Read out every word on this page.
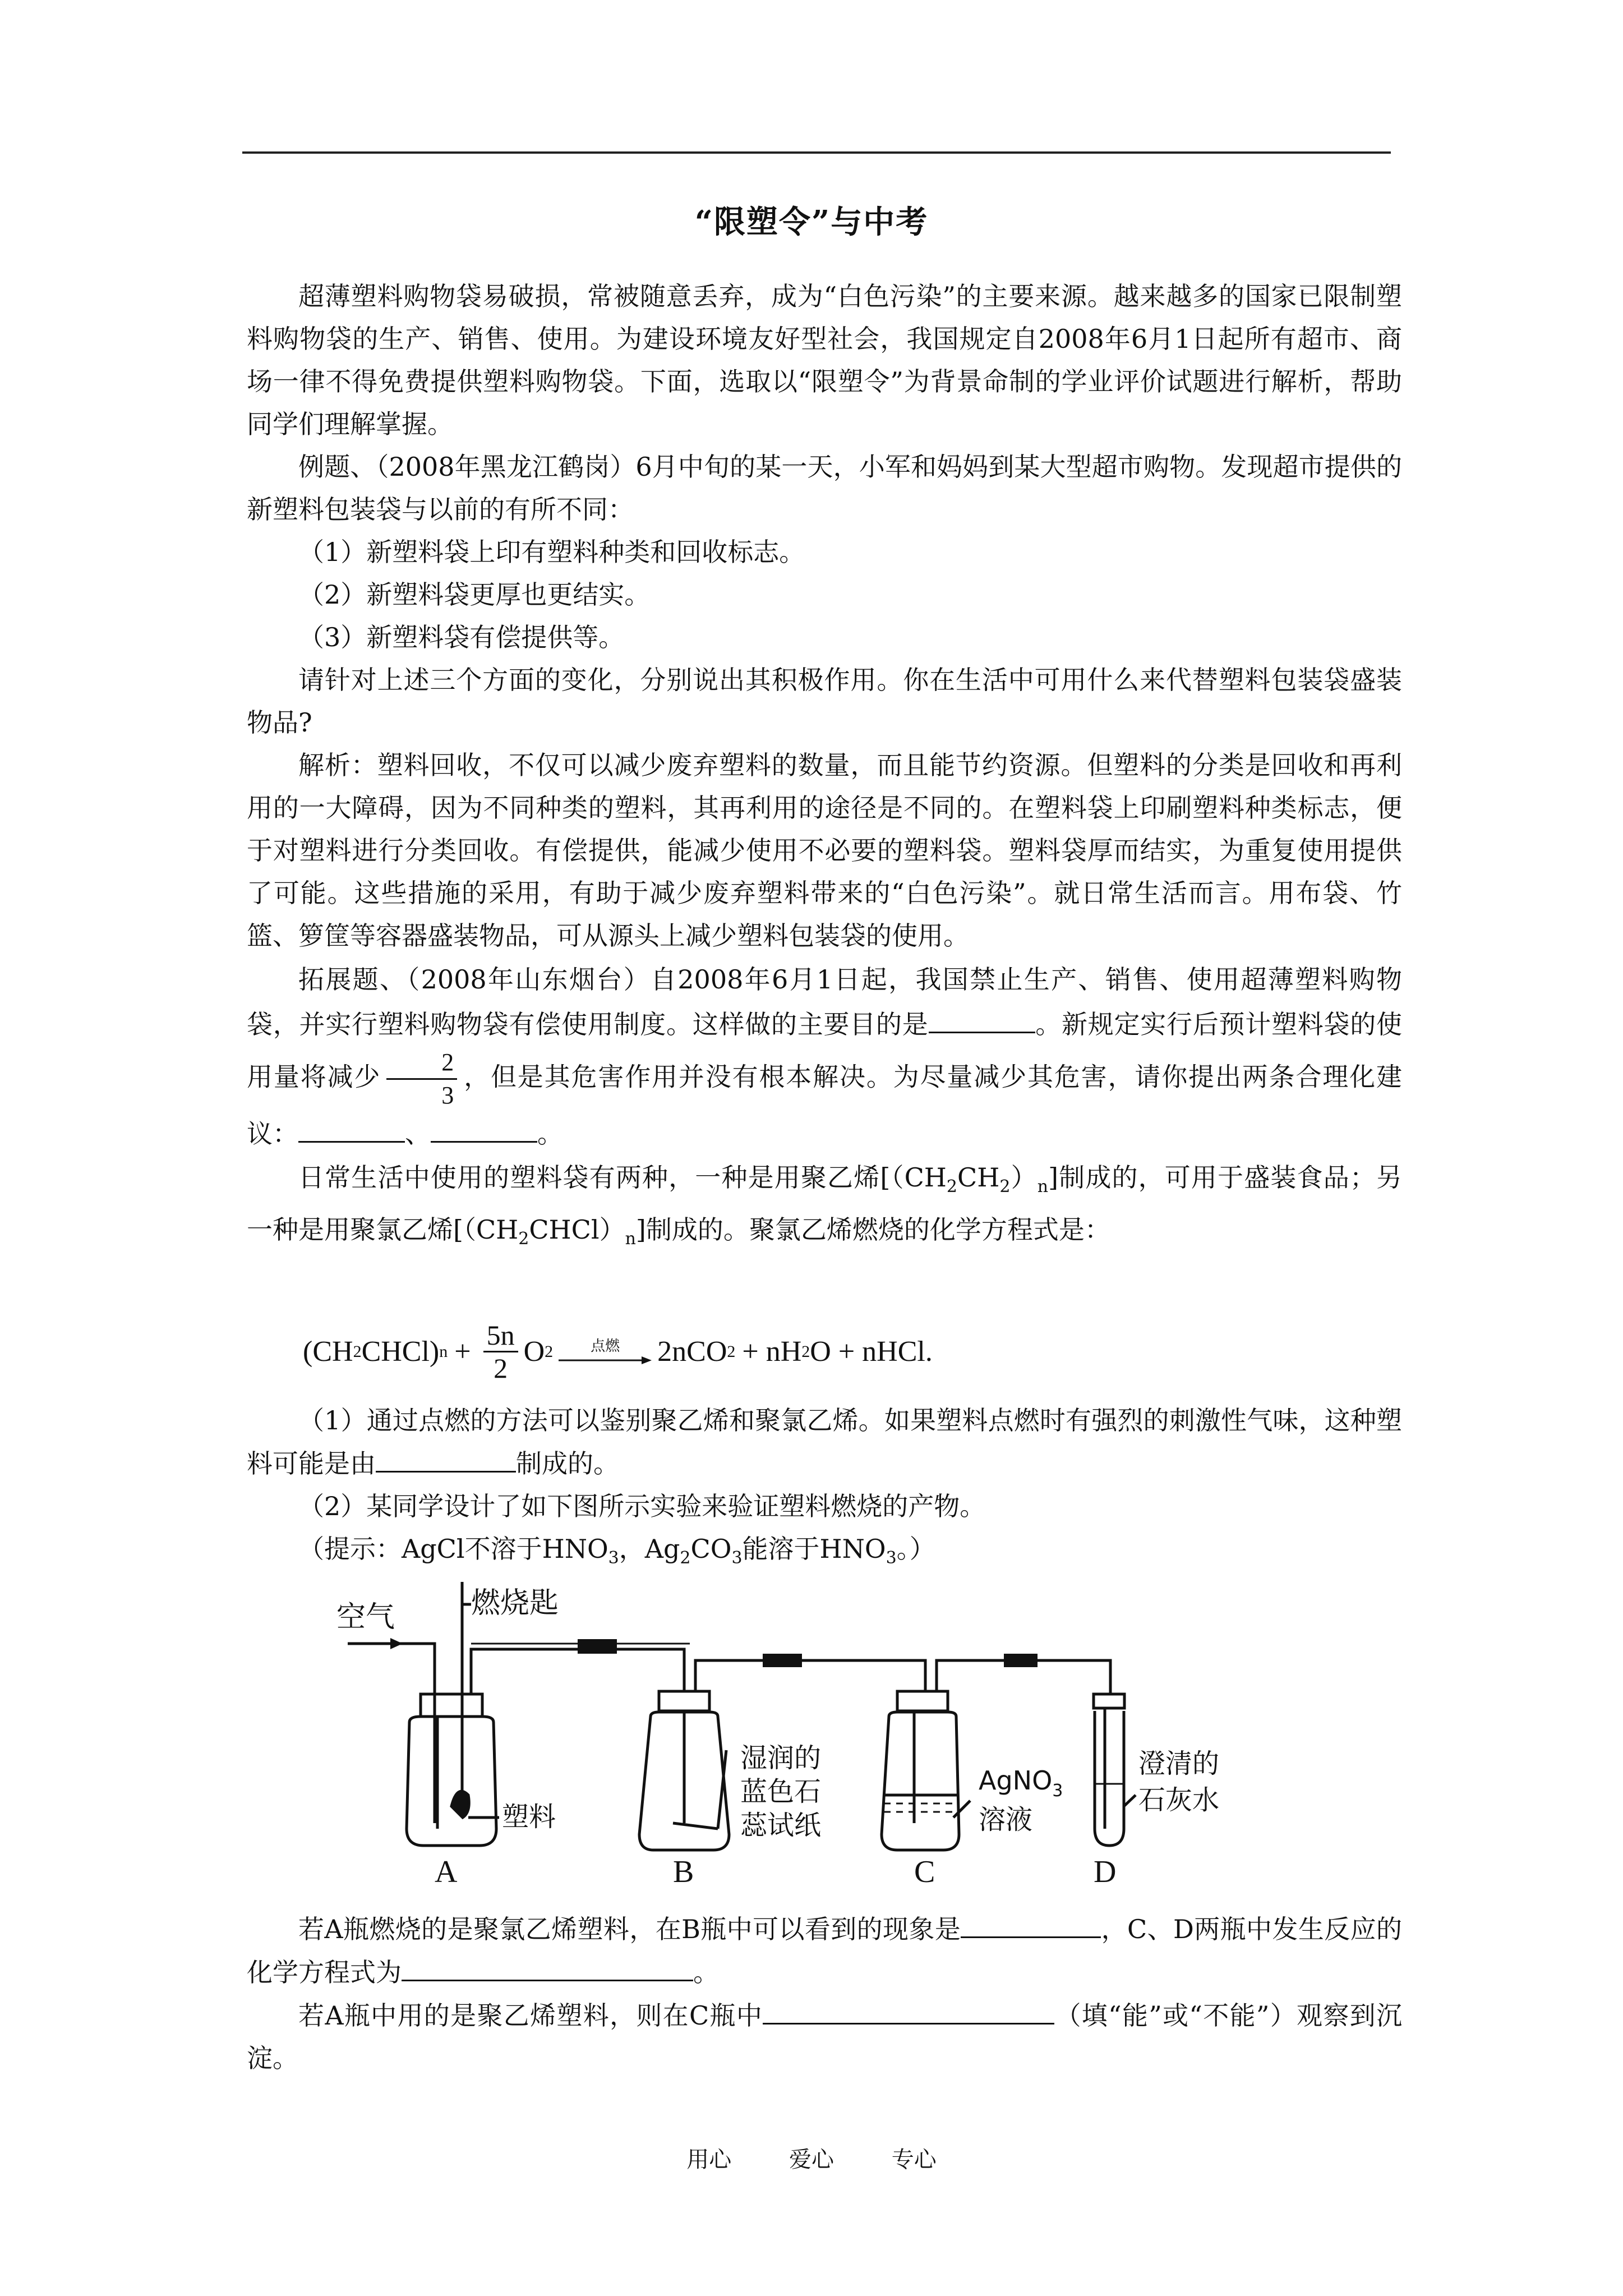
“限塑令”与中考

超薄塑料购物袋易破损，常被随意丢弃，成为“白色污染”的主要来源。越来越多的国家已限制塑料购物袋的生产、销售、使用。为建设环境友好型社会，我国规定自2008年6月1日起所有超市、商场一律不得免费提供塑料购物袋。下面，选取以“限塑令”为背景命制的学业评价试题进行解析，帮助同学们理解掌握。

例题、（2008年黑龙江鹤岗）6月中旬的某一天，小军和妈妈到某大型超市购物。发现超市提供的新塑料包装袋与以前的有所不同：

（1）新塑料袋上印有塑料种类和回收标志。

（2）新塑料袋更厚也更结实。

（3）新塑料袋有偿提供等。

请针对上述三个方面的变化，分别说出其积极作用。你在生活中可用什么来代替塑料包装袋盛装物品?

解析：塑料回收，不仅可以减少废弃塑料的数量，而且能节约资源。但塑料的分类是回收和再利用的一大障碍，因为不同种类的塑料，其再利用的途径是不同的。在塑料袋上印刷塑料种类标志，便于对塑料进行分类回收。有偿提供，能减少使用不必要的塑料袋。塑料袋厚而结实，为重复使用提供了可能。这些措施的采用，有助于减少废弃塑料带来的“白色污染”。就日常生活而言。用布袋、竹篮、箩筐等容器盛装物品，可从源头上减少塑料包装袋的使用。

拓展题、（2008年山东烟台）自2008年6月1日起，我国禁止生产、销售、使用超薄塑料购物袋，并实行塑料购物袋有偿使用制度。这样做的主要目的是	。新规定实行后预计塑料袋的使用量将减少 $\frac{2}{3}$ ，但是其危害作用并没有根本解决。为尽量减少其危害，请你提出两条合理化建议：	、	。

日常生活中使用的塑料袋有两种，一种是用聚乙烯$[(CH_2CH_2)_n]$制成的，可用于盛装食品；另一种是用聚氯乙烯$[(CH_2CHCl)_n]$制成的。聚氯乙烯燃烧的化学方程式是：

(CH 2 CHCl) $n + \frac{5n}{2}$ O 2	点燃 2nCO 2 + nH 2 O + nHCl .

（1）通过点燃的方法可以鉴别聚乙烯和聚氯乙烯。如果塑料点燃时有强烈的刺激性气味，这种塑料可能是由	制成的。

（2）某同学设计了如下图所示实验来验证塑料燃烧的产物。

（提示：AgCl不溶于$HNO_3$，$Ag_2CO_3$能溶于$HNO_3$。）

空气	燃烧匙
塑料
A
湿润的
蓝色石
蕊试纸
B
AgNO$_3$
溶液
C
澄清的
石灰水
D

若A瓶燃烧的是聚氯乙烯塑料，在B瓶中可以看到的现象是	，C、D两瓶中发生反应的化学方程式为	。

若A瓶中用的是聚乙烯塑料，则在C瓶中	（填“能”或“不能”）观察到沉淀。

用心	爱心	专心
